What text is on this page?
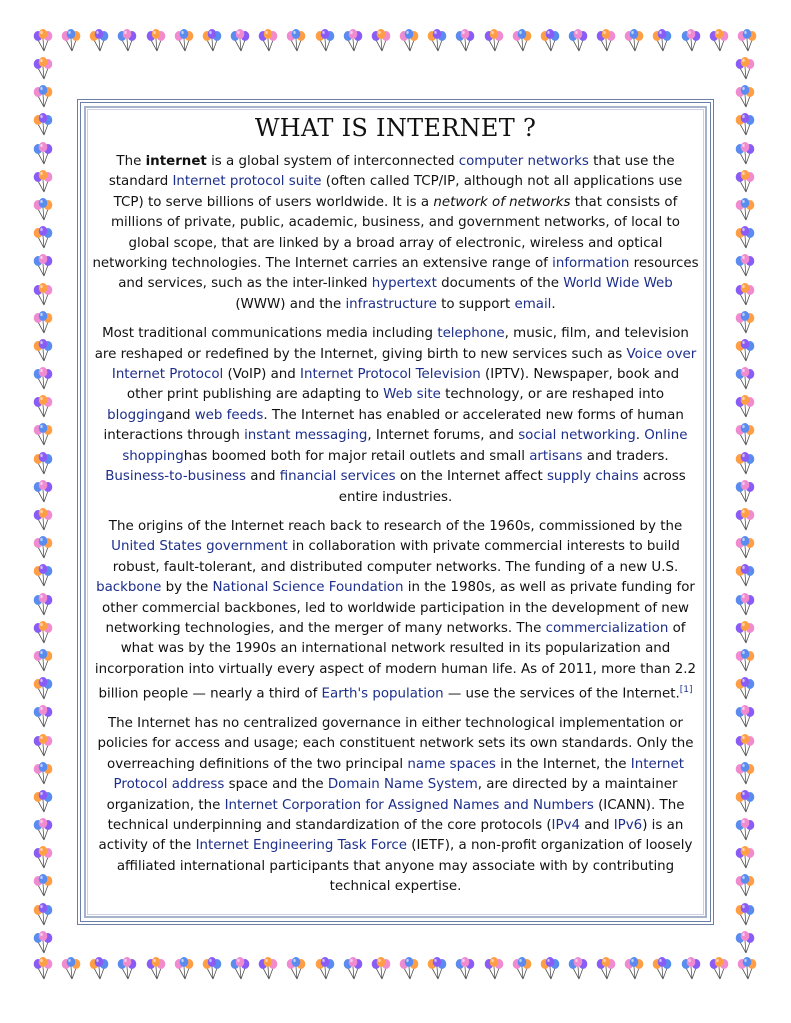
WHAT IS INTERNET ?

The internet is a global system of interconnected computer networks that use the standard Internet protocol suite (often called TCP/IP, although not all applications use TCP) to serve billions of users worldwide. It is a network of networks that consists of millions of private, public, academic, business, and government networks, of local to global scope, that are linked by a broad array of electronic, wireless and optical networking technologies. The Internet carries an extensive range of information resources and services, such as the inter-linked hypertext documents of the World Wide Web (WWW) and the infrastructure to support email.

Most traditional communications media including telephone, music, film, and television are reshaped or redefined by the Internet, giving birth to new services such as Voice over Internet Protocol (VoIP) and Internet Protocol Television (IPTV). Newspaper, book and other print publishing are adapting to Web site technology, or are reshaped into bloggingand web feeds. The Internet has enabled or accelerated new forms of human interactions through instant messaging, Internet forums, and social networking. Online shoppinghas boomed both for major retail outlets and small artisans and traders. Business-to-business and financial services on the Internet affect supply chains across entire industries.

The origins of the Internet reach back to research of the 1960s, commissioned by the United States government in collaboration with private commercial interests to build robust, fault-tolerant, and distributed computer networks. The funding of a new U.S. backbone by the National Science Foundation in the 1980s, as well as private funding for other commercial backbones, led to worldwide participation in the development of new networking technologies, and the merger of many networks. The commercialization of what was by the 1990s an international network resulted in its popularization and incorporation into virtually every aspect of modern human life. As of 2011, more than 2.2 billion people — nearly a third of Earth's population — use the services of the Internet.[1]

The Internet has no centralized governance in either technological implementation or policies for access and usage; each constituent network sets its own standards. Only the overreaching definitions of the two principal name spaces in the Internet, the Internet Protocol address space and the Domain Name System, are directed by a maintainer organization, the Internet Corporation for Assigned Names and Numbers (ICANN). The technical underpinning and standardization of the core protocols (IPv4 and IPv6) is an activity of the Internet Engineering Task Force (IETF), a non-profit organization of loosely affiliated international participants that anyone may associate with by contributing technical expertise.
